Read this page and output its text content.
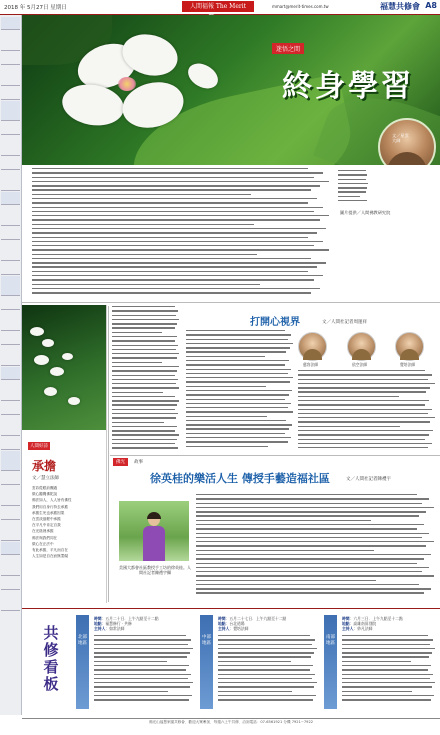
2018 年 5月27日 星期日	人間福報 The Merit	mmart@merit-times.com.tw	福慧共修會 A8
迷悟之間
終身學習
文／星雲大師
圖片提供／人間佛教研究院
人間好詩
承擔
文／慧立法師
雲彩從眼前飄過
微心聽聞佛陀說
佛法如人，人人皆有佛性
我們用自身行持去承擔
承擔生死也承擔因果
在雲淡風輕中承擔
在平凡中肯定自我
在光陰裡承擔
佛法與我們同在
微心在正法中
有此承擔，平凡而自在
人生如是自在而無罣礙
打開心視界	文／人間社記者周運祥
慈容法師	依空法師	覺培法師
佛光	故事
徐英桂的樂活人生 傳授手藝造福社區	文／人間社記者陳禮宇
美國大都會社區教授手工坊的徐英桂。人間社記者陳禮宇攝
共修看板
北部地區
時間：五月二十日．上午九點至十二點
地點：福慧修行 ‧ 共修
主持人：如常法師
中部地區
時間：五月二十七日．上午九點至十二點
地點：台北道場
主持人：覺培法師
南部地區
時間：六月三日．上午九點至十二點
地點：高雄南屏別院
主持人：妙凡法師
佛光山福慧家園共修會．歡迎大眾參加．每週六上午共修．洽詢電話：07-6561921 分機 7921~7922
